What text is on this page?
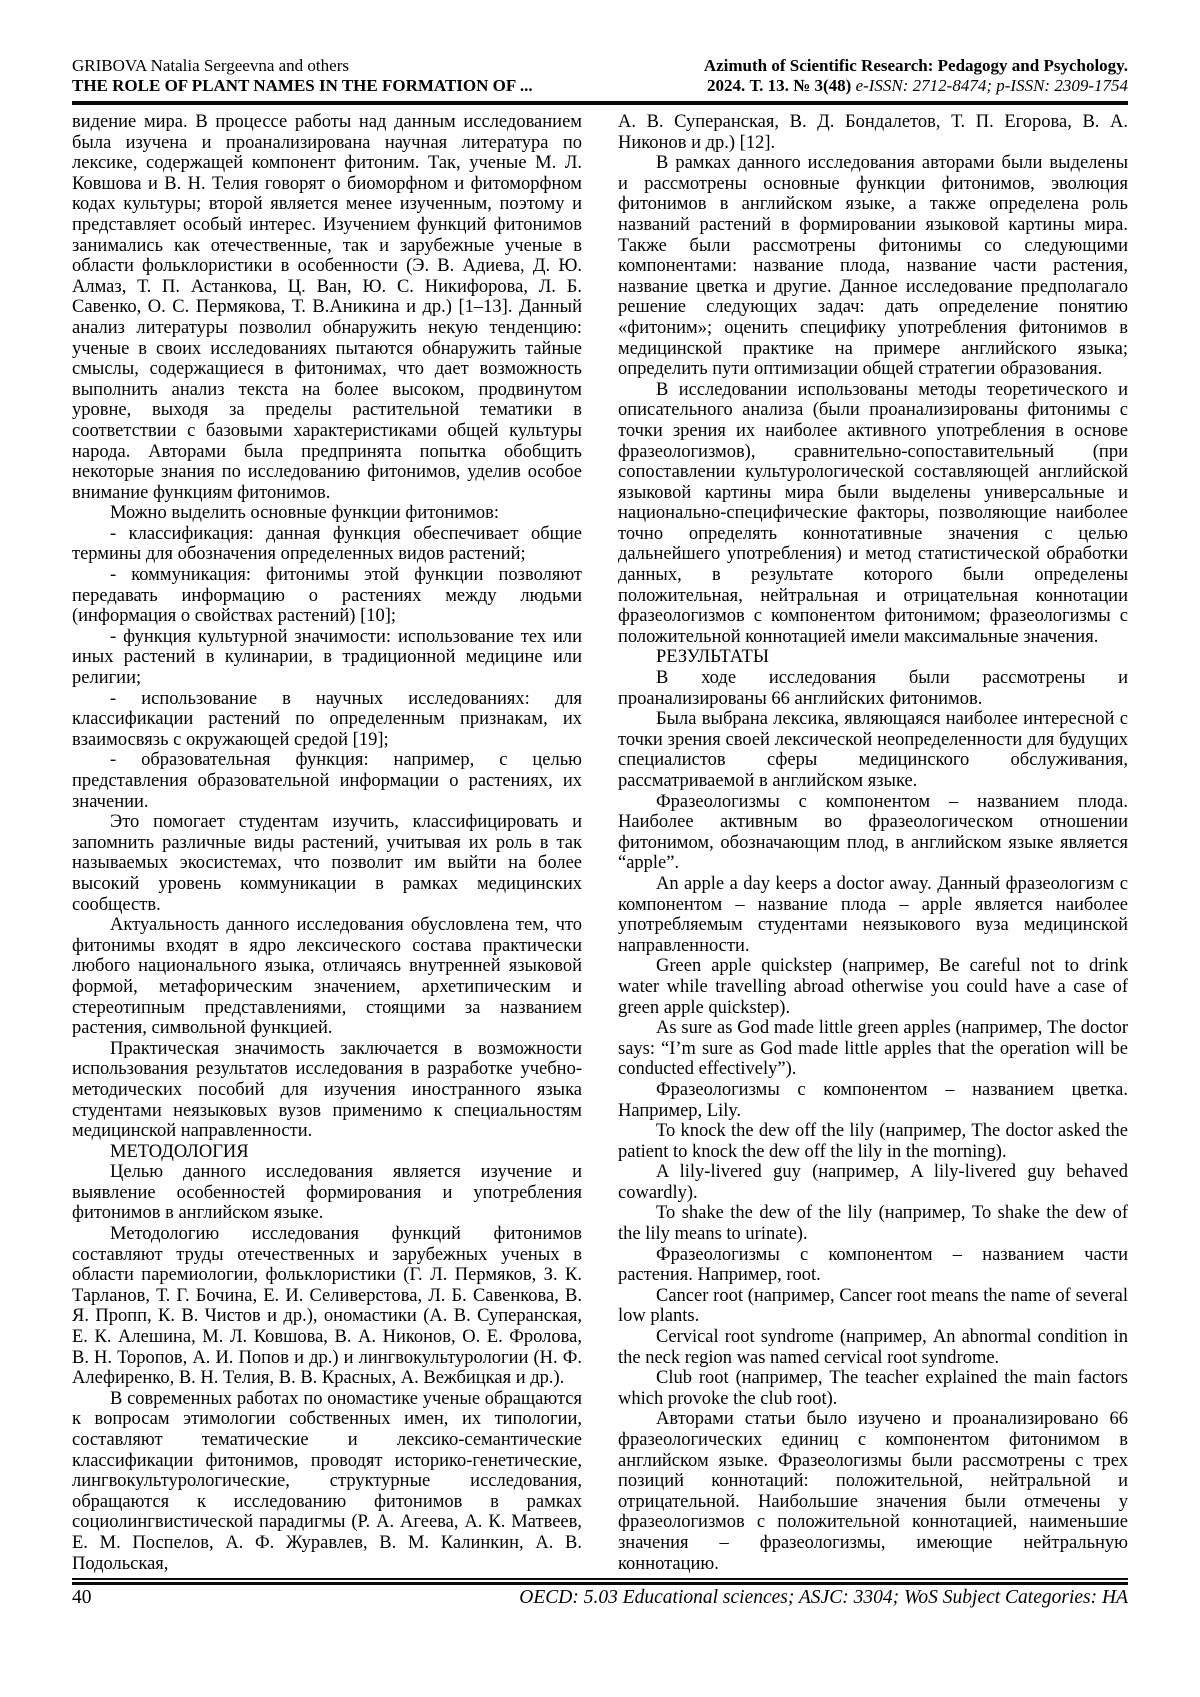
GRIBOVA Natalia Sergeevna and others
THE ROLE OF PLANT NAMES IN THE FORMATION OF ...
Azimuth of Scientific Research: Pedagogy and Psychology.
2024. Т. 13. № 3(48) e-ISSN: 2712-8474; p-ISSN: 2309-1754

видение мира. В процессе работы над данным исследованием была изучена и проанализирована научная литература по лексике, содержащей компонент фитоним. Так, ученые М. Л. Ковшова и В. Н. Телия говорят о биоморфном и фитоморфном кодах культуры; второй является менее изученным, поэтому и представляет особый интерес. Изучением функций фитонимов занимались как отечественные, так и зарубежные ученые в области фольклористики в особенности (Э. В. Адиева, Д. Ю. Алмаз, Т. П. Астанкова, Ц. Ван, Ю. С. Никифорова, Л. Б. Савенко, О. С. Пермякова, Т. В.Аникина и др.) [1–13]. Данный анализ литературы позволил обнаружить некую тенденцию: ученые в своих исследованиях пытаются обнаружить тайные смыслы, содержащиеся в фитонимах, что дает возможность выполнить анализ текста на более высоком, продвинутом уровне, выходя за пределы растительной тематики в соответствии с базовыми характеристиками общей культуры народа. Авторами была предпринята попытка обобщить некоторые знания по исследованию фитонимов, уделив особое внимание функциям фитонимов.

Можно выделить основные функции фитонимов:

- классификация: данная функция обеспечивает общие термины для обозначения определенных видов растений;

- коммуникация: фитонимы этой функции позволяют передавать информацию о растениях между людьми (информация о свойствах растений) [10];

- функция культурной значимости: использование тех или иных растений в кулинарии, в традиционной медицине или религии;

- использование в научных исследованиях: для классификации растений по определенным признакам, их взаимосвязь с окружающей средой [19];

- образовательная функция: например, с целью представления образовательной информации о растениях, их значении.

Это помогает студентам изучить, классифицировать и запомнить различные виды растений, учитывая их роль в так называемых экосистемах, что позволит им выйти на более высокий уровень коммуникации в рамках медицинских сообществ.

Актуальность данного исследования обусловлена тем, что фитонимы входят в ядро лексического состава практически любого национального языка, отличаясь внутренней языковой формой, метафорическим значением, архетипическим и стереотипным представлениями, стоящими за названием растения, символьной функцией.

Практическая значимость заключается в возможности использования результатов исследования в разработке учебно-методических пособий для изучения иностранного языка студентами неязыковых вузов применимо к специальностям медицинской направленности.

МЕТОДОЛОГИЯ

Целью данного исследования является изучение и выявление особенностей формирования и употребления фитонимов в английском языке.

Методологию исследования функций фитонимов составляют труды отечественных и зарубежных ученых в области паремиологии, фольклористики (Г. Л. Пермяков, З. К. Тарланов, Т. Г. Бочина, Е. И. Селиверстова, Л. Б. Савенкова, В. Я. Пропп, К. В. Чистов и др.), ономастики (А. В. Суперанская, Е. К. Алешина, М. Л. Ковшова, В. А. Никонов, О. Е. Фролова, В. Н. Торопов, А. И. Попов и др.) и лингвокультурологии (Н. Ф. Алефиренко, В. Н. Телия, В. В. Красных, А. Вежбицкая и др.).

В современных работах по ономастике ученые обращаются к вопросам этимологии собственных имен, их типологии, составляют тематические и лексико-семантические классификации фитонимов, проводят историко-генетические, лингвокультурологические, структурные исследования, обращаются к исследованию фитонимов в рамках социолингвистической парадигмы (Р. А. Агеева, А. К. Матвеев, Е. М. Поспелов, А. Ф. Журавлев, В. М. Калинкин, А. В. Подольская,

А. В. Суперанская, В. Д. Бондалетов, Т. П. Егорова, В. А. Никонов и др.) [12].

В рамках данного исследования авторами были выделены и рассмотрены основные функции фитонимов, эволюция фитонимов в английском языке, а также определена роль названий растений в формировании языковой картины мира. Также были рассмотрены фитонимы со следующими компонентами: название плода, название части растения, название цветка и другие. Данное исследование предполагало решение следующих задач: дать определение понятию «фитоним»; оценить специфику употребления фитонимов в медицинской практике на примере английского языка; определить пути оптимизации общей стратегии образования.

В исследовании использованы методы теоретического и описательного анализа (были проанализированы фитонимы с точки зрения их наиболее активного употребления в основе фразеологизмов), сравнительно-сопоставительный (при сопоставлении культурологической составляющей английской языковой картины мира были выделены универсальные и национально-специфические факторы, позволяющие наиболее точно определять коннотативные значения с целью дальнейшего употребления) и метод статистической обработки данных, в результате которого были определены положительная, нейтральная и отрицательная коннотации фразеологизмов с компонентом фитонимом; фразеологизмы с положительной коннотацией имели максимальные значения.

РЕЗУЛЬТАТЫ

В ходе исследования были рассмотрены и проанализированы 66 английских фитонимов.

Была выбрана лексика, являющаяся наиболее интересной с точки зрения своей лексической неопределенности для будущих специалистов сферы медицинского обслуживания, рассматриваемой в английском языке.

Фразеологизмы с компонентом – названием плода. Наиболее активным во фразеологическом отношении фитонимом, обозначающим плод, в английском языке является “apple”.

An apple a day keeps a doctor away. Данный фразеологизм с компонентом – название плода – apple является наиболее употребляемым студентами неязыкового вуза медицинской направленности.

Green apple quickstep (например, Be careful not to drink water while travelling abroad otherwise you could have a case of green apple quickstep).

As sure as God made little green apples (например, The doctor says: “I’m sure as God made little apples that the operation will be conducted effectively”).

Фразеологизмы с компонентом – названием цветка. Например, Lily.

To knock the dew off the lily (например, The doctor asked the patient to knock the dew off the lily in the morning).

A lily-livered guy (например, A lily-livered guy behaved cowardly).

To shake the dew of the lily (например, To shake the dew of the lily means to urinate).

Фразеологизмы с компонентом – названием части растения. Например, root.

Cancer root (например, Cancer root means the name of several low plants.

Cervical root syndrome (например, An abnormal condition in the neck region was named cervical root syndrome.

Club root (например, The teacher explained the main factors which provoke the club root).

Авторами статьи было изучено и проанализировано 66 фразеологических единиц с компонентом фитонимом в английском языке. Фразеологизмы были рассмотрены с трех позиций коннотаций: положительной, нейтральной и отрицательной. Наибольшие значения были отмечены у фразеологизмов с положительной коннотацией, наименьшие значения – фразеологизмы, имеющие нейтральную коннотацию.

40	OECD: 5.03 Educational sciences; ASJC: 3304; WoS Subject Categories: HA
